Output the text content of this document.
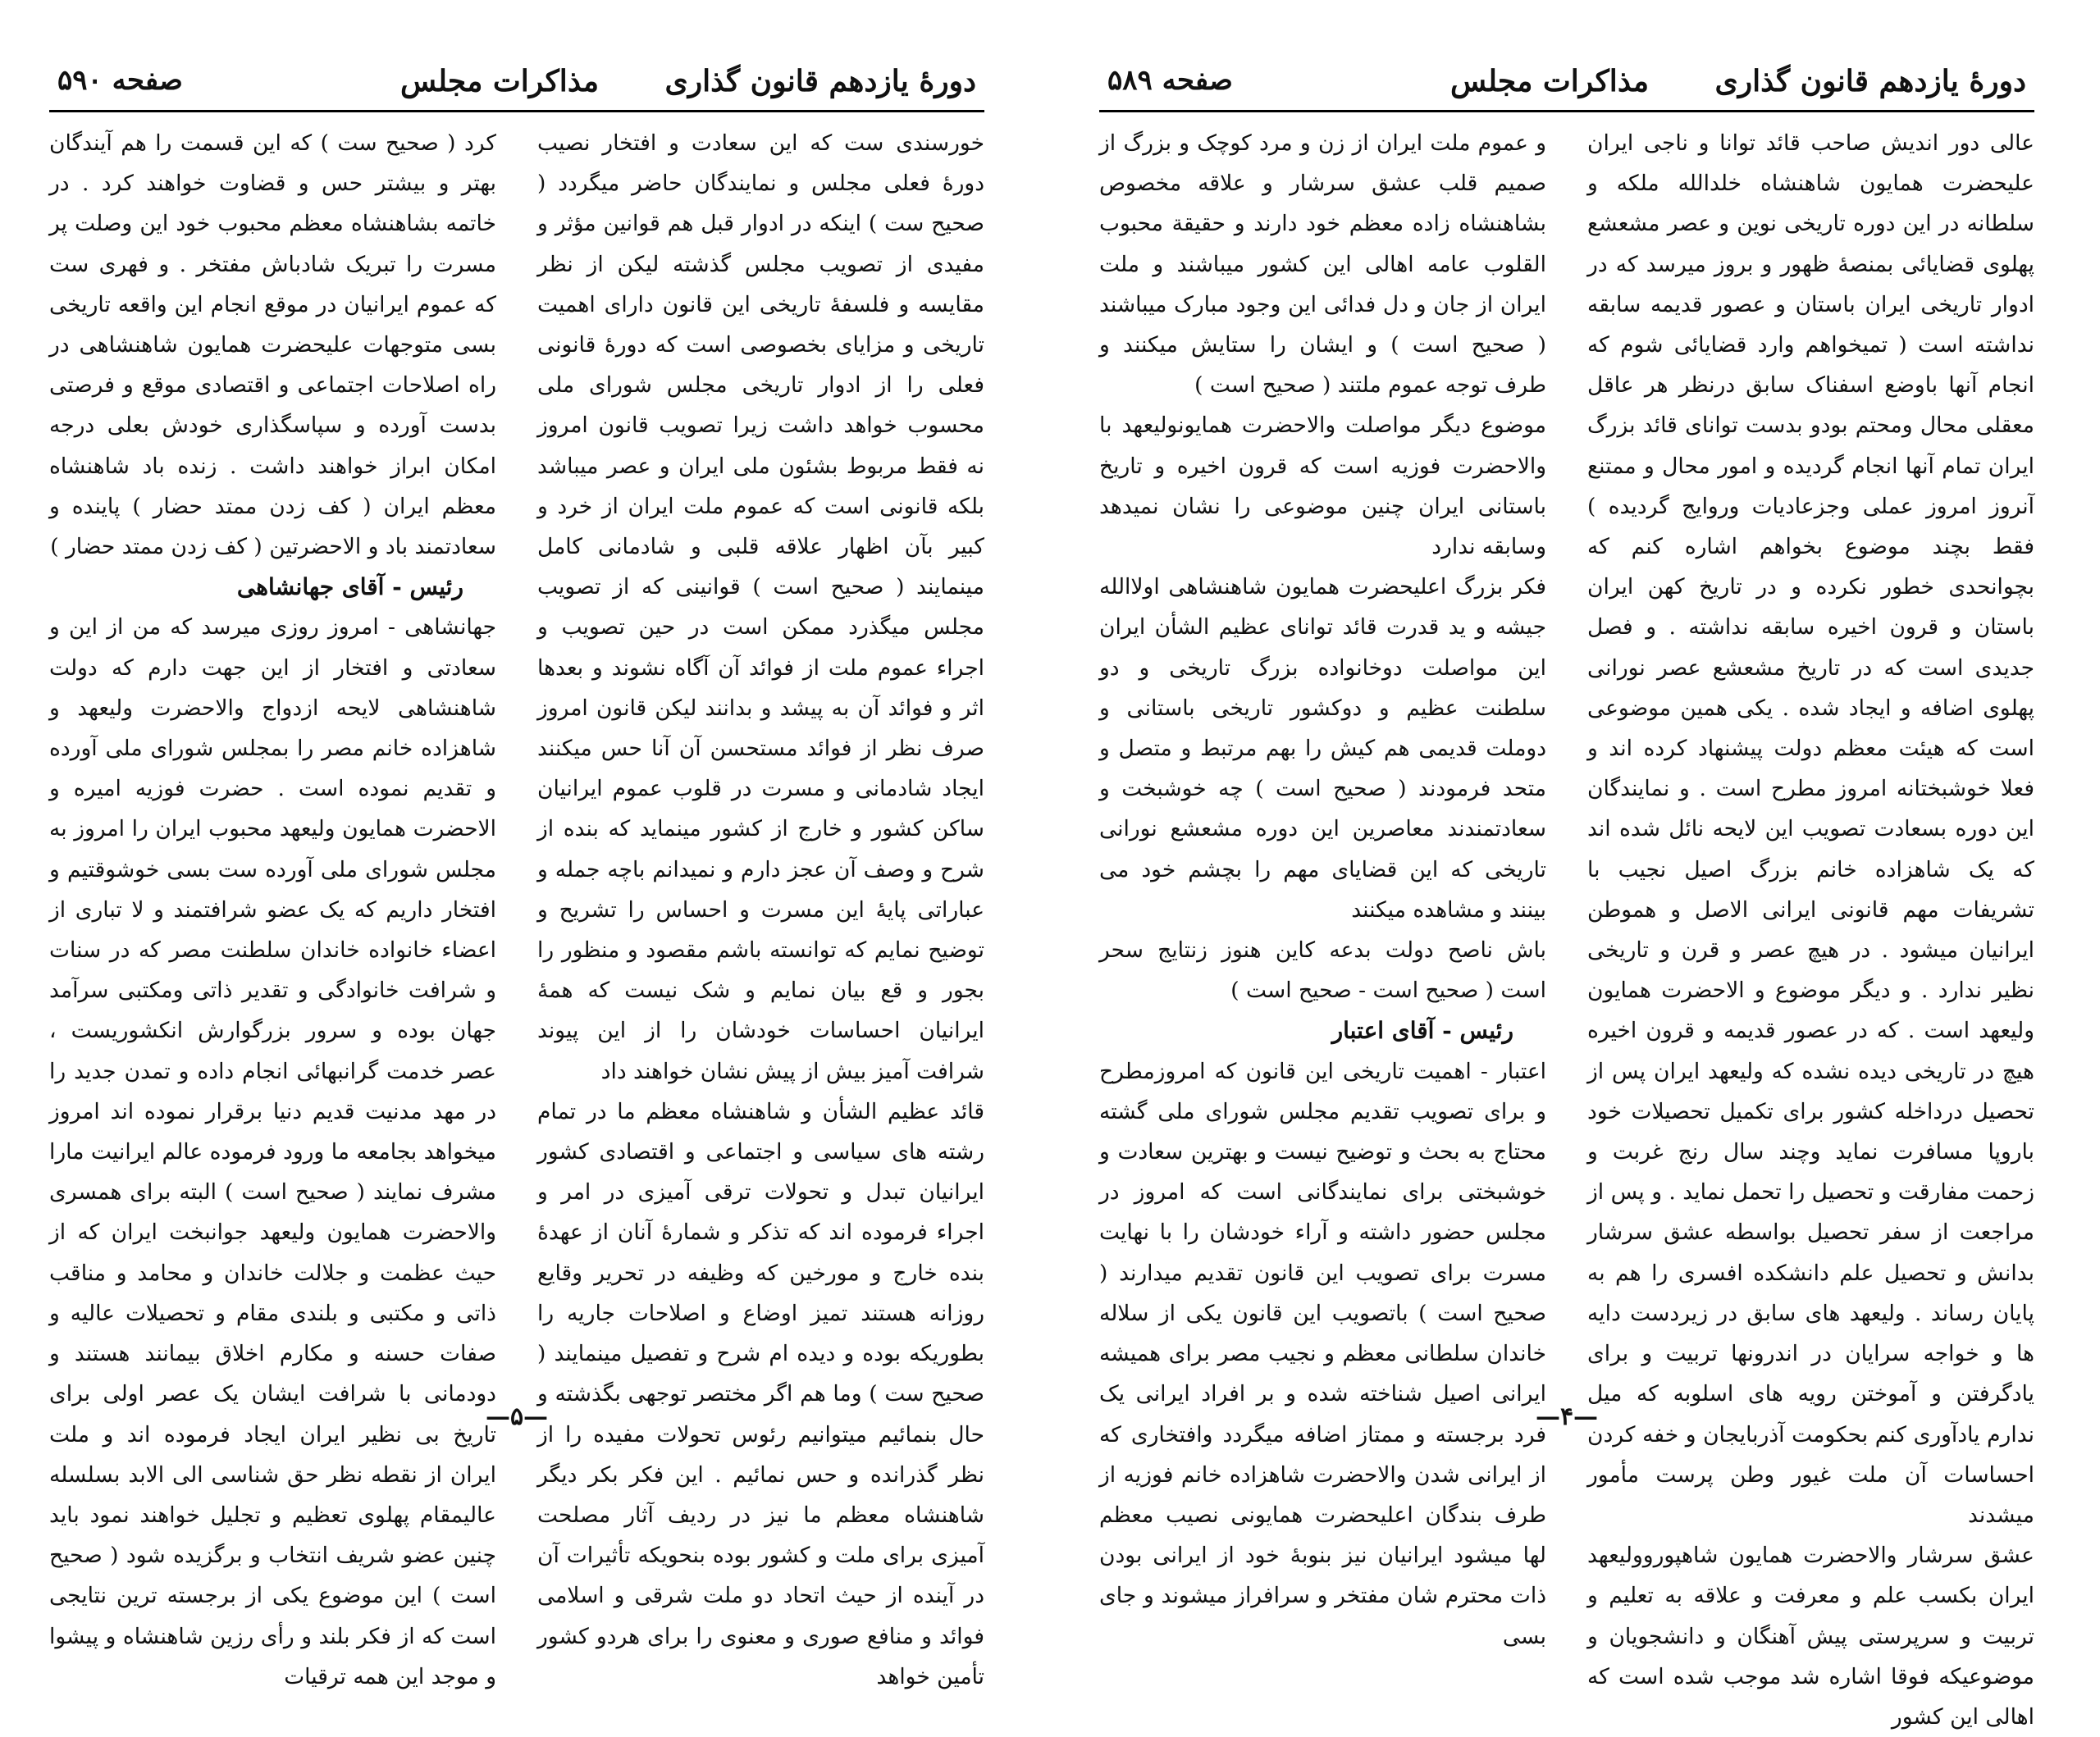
دورهٔ یازدهم قانون گذاری
مذاکرات مجلس
صفحه ۵۹۰

خورسندی ست که این سعادت و افتخار نصیب دورهٔ فعلی مجلس و نمایندگان حاضر میگردد ( صحیح ست ) اینکه در ادوار قبل هم قوانین مؤثر و مفیدی از تصویب مجلس گذشته لیکن از نظر مقایسه و فلسفهٔ تاریخی این قانون دارای اهمیت تاریخی و مزایای بخصوصی است که دورهٔ قانونی فعلی را از ادوار تاریخی مجلس شورای ملی محسوب خواهد داشت زیرا تصویب قانون امروز نه فقط مربوط بشئون ملی ایران و عصر میباشد بلکه قانونی است که عموم ملت ایران از خرد و کبیر بآن اظهار علاقه قلبی و شادمانی کامل مینمایند ( صحیح است ) قوانینی که از تصویب مجلس میگذرد ممکن است در حین تصویب و اجراء عموم ملت از فوائد آن آگاه نشوند و بعدها اثر و فوائد آن به پیشد و بدانند لیکن قانون امروز صرف نظر از فوائد مستحسن آن آنا حس میکنند ایجاد شادمانی و مسرت در قلوب عموم ایرانیان ساکن کشور و خارج از کشور مینماید که بنده از شرح و وصف آن عجز دارم و نمیدانم باچه جمله و عباراتی پایهٔ این مسرت و احساس را تشریح و توضیح نمایم که توانسته باشم مقصود و منظور را بجور و قع بیان نمایم و شک نیست که همهٔ ایرانیان احساسات خودشان را از این پیوند شرافت آمیز بیش از پیش نشان خواهند داد

قائد عظیم الشأن و شاهنشاه معظم ما در تمام رشته های سیاسی و اجتماعی و اقتصادی کشور ایرانیان تبدل و تحولات ترقی آمیزی در امر و اجراء فرموده اند که تذکر و شمارهٔ آنان از عهدهٔ بنده خارج و مورخین که وظیفه در تحریر وقایع روزانه هستند تمیز اوضاع و اصلاحات جاریه را بطوریکه بوده و دیده ام شرح و تفصیل مینمایند ( صحیح ست ) وما هم اگر مختصر توجهی بگذشته و حال بنمائیم میتوانیم رئوس تحولات مفیده را از نظر گذرانده و حس نمائیم . این فکر بکر دیگر شاهنشاه معظم ما نیز در ردیف آثار مصلحت آمیزی برای ملت و کشور بوده بنحویکه تأثیرات آن در آینده از حیث اتحاد دو ملت شرقی و اسلامی فوائد و منافع صوری و معنوی را برای هردو کشور تأمین خواهد

کرد ( صحیح ست ) که این قسمت را هم آیندگان بهتر و بیشتر حس و قضاوت خواهند کرد . در خاتمه بشاهنشاه معظم محبوب خود این وصلت پر مسرت را تبریک شادباش مفتخر . و فهری ست که عموم ایرانیان در موقع انجام این واقعه تاریخی بسی متوجهات علیحضرت همایون شاهنشاهی در راه اصلاحات اجتماعی و اقتصادی موقع و فرصتی بدست آورده و سپاسگذاری خودش بعلی درجه امکان ابراز خواهند داشت . زنده باد شاهنشاه معظم ایران ( کف زدن ممتد حضار ) پاینده و سعادتمند باد و الاحضرتین ( کف زدن ممتد حضار )

رئیس - آقای جهانشاهی

جهانشاهی - امروز روزی میرسد که من از این و سعادتی و افتخار از این جهت دارم که دولت شاهنشاهی لایحه ازدواج والاحضرت ولیعهد و شاهزاده خانم مصر را بمجلس شورای ملی آورده و تقدیم نموده است . حضرت فوزیه امیره و الاحضرت همایون ولیعهد محبوب ایران را امروز به مجلس شورای ملی آورده ست بسی خوشوقتیم و افتخار داریم که یک عضو شرافتمند و لا تباری از اعضاء خانواده خاندان سلطنت مصر که در سنات و شرافت خانوادگی و تقدیر ذاتی ومکتبی سرآمد جهان بوده و سرور بزرگوارش انکشوریست ، عصر خدمت گرانبهائی انجام داده و تمدن جدید را در مهد مدنیت قدیم دنیا برقرار نموده اند امروز میخواهد بجامعه ما ورود فرموده عالم ایرانیت مارا مشرف نمایند ( صحیح است ) البته برای همسری والاحضرت همایون ولیعهد جوانبخت ایران که از حیث عظمت و جلالت خاندان و محامد و مناقب ذاتی و مکتبی و بلندی مقام و تحصیلات عالیه و صفات حسنه و مکارم اخلاق بیمانند هستند و دودمانی با شرافت ایشان یک عصر اولی برای تاریخ بی نظیر ایران ایجاد فرموده اند و ملت ایران از نقطه نظر حق شناسی الی الابد بسلسله عالیمقام پهلوی تعظیم و تجلیل خواهند نمود باید چنین عضو شریف انتخاب و برگزیده شود ( صحیح است ) این موضوع یکی از برجسته ترین نتایجی است که از فکر بلند و رأی رزین شاهنشاه و پیشوا و موجد این همه ترقیات

—۵—
دورهٔ یازدهم قانون گذاری
مذاکرات مجلس
صفحه ۵۸۹

عالی دور اندیش صاحب قائد توانا و ناجی ایران علیحضرت همایون شاهنشاه خلدالله ملکه و سلطانه در این دوره تاریخی نوین و عصر مشعشع پهلوی قضایائی بمنصهٔ ظهور و بروز میرسد که در ادوار تاریخی ایران باستان و عصور قدیمه سابقه نداشته است ( تمیخواهم وارد قضایائی شوم که انجام آنها باوضع اسفناک سابق درنظر هر عاقل معقلی محال ومحتم بودو بدست توانای قائد بزرگ ایران تمام آنها انجام گردیده و امور محال و ممتنع آنروز امروز عملی وجزعادیات وروایج گردیده ) فقط بچند موضوع بخواهم اشاره کنم که بچوانحدی خطور نکرده و در تاریخ کهن ایران باستان و قرون اخیره سابقه نداشته . و فصل جدیدی است که در تاریخ مشعشع عصر نورانی پهلوی اضافه و ایجاد شده . یکی همین موضوعی است که هیئت معظم دولت پیشنهاد کرده اند و فعلا خوشبختانه امروز مطرح است . و نمایندگان این دوره بسعادت تصویب این لایحه نائل شده اند که یک شاهزاده خانم بزرگ اصیل نجیب با تشریفات مهم قانونی ایرانی الاصل و هموطن ایرانیان میشود . در هیچ عصر و قرن و تاریخی نظیر ندارد . و دیگر موضوع و الاحضرت همایون ولیعهد است . که در عصور قدیمه و قرون اخیره هیچ در تاریخی دیده نشده که ولیعهد ایران پس از تحصیل درداخله کشور برای تکمیل تحصیلات خود باروپا مسافرت نماید وچند سال رنج غربت و زحمت مفارقت و تحصیل را تحمل نماید . و پس از مراجعت از سفر تحصیل بواسطه عشق سرشار بدانش و تحصیل علم دانشکده افسری را هم به پایان رساند . ولیعهد های سابق در زیردست دایه ها و خواجه سرایان در اندرونها تربیت و برای یادگرفتن و آموختن رویه های اسلوبه که میل ندارم یادآوری کنم بحکومت آذربایجان و خفه کردن احساسات آن ملت غیور وطن پرست مأمور میشدند

عشق سرشار والاحضرت همایون شاهپوروولیعهد ایران بکسب علم و معرفت و علاقه به تعلیم و تربیت و سرپرستی پیش آهنگان و دانشجویان و موضوعیکه فوقا اشاره شد موجب شده است که اهالی این کشور

و عموم ملت ایران از زن و مرد کوچک و بزرگ از صمیم قلب عشق سرشار و علاقه مخصوص بشاهنشاه زاده معظم خود دارند و حقیقة محبوب القلوب عامه اهالی این کشور میباشند و ملت ایران از جان و دل فدائی این وجود مبارک میباشند ( صحیح است ) و ایشان را ستایش میکنند و طرف توجه عموم ملتند ( صحیح است )

موضوع دیگر مواصلت والاحضرت همایونولیعهد با والاحضرت فوزیه است که قرون اخیره و تاریخ باستانی ایران چنین موضوعی را نشان نمیدهد وسابقه ندارد

فکر بزرگ اعلیحضرت همایون شاهنشاهی اولاالله جیشه و ید قدرت قائد توانای عظیم الشأن ایران این مواصلت دوخانواده بزرگ تاریخی و دو سلطنت عظیم و دوکشور تاریخی باستانی و دوملت قدیمی هم کیش را بهم مرتبط و متصل و متحد فرمودند ( صحیح است ) چه خوشبخت و سعادتمندند معاصرین این دوره مشعشع نورانی تاریخی که این قضایای مهم را بچشم خود می بینند و مشاهده میکنند

باش ناصح دولت بدعه کاین هنوز زنتایج سحر است ( صحیح است - صحیح است )

رئیس - آقای اعتبار

اعتبار - اهمیت تاریخی این قانون که امروزمطرح و برای تصویب تقدیم مجلس شورای ملی گشته محتاج به بحث و توضیح نیست و بهترین سعادت و خوشبختی برای نمایندگانی است که امروز در مجلس حضور داشته و آراء خودشان را با نهایت مسرت برای تصویب این قانون تقدیم میدارند ( صحیح است ) باتصویب این قانون یکی از سلاله خاندان سلطانی معظم و نجیب مصر برای همیشه ایرانی اصیل شناخته شده و بر افراد ایرانی یک فرد برجسته و ممتاز اضافه میگردد وافتخاری که از ایرانی شدن والاحضرت شاهزاده خانم فوزیه از طرف بندگان اعلیحضرت همایونی نصیب معظم لها میشود ایرانیان نیز بنوبهٔ خود از ایرانی بودن ذات محترم شان مفتخر و سرافراز میشوند و جای بسی

—۴—
